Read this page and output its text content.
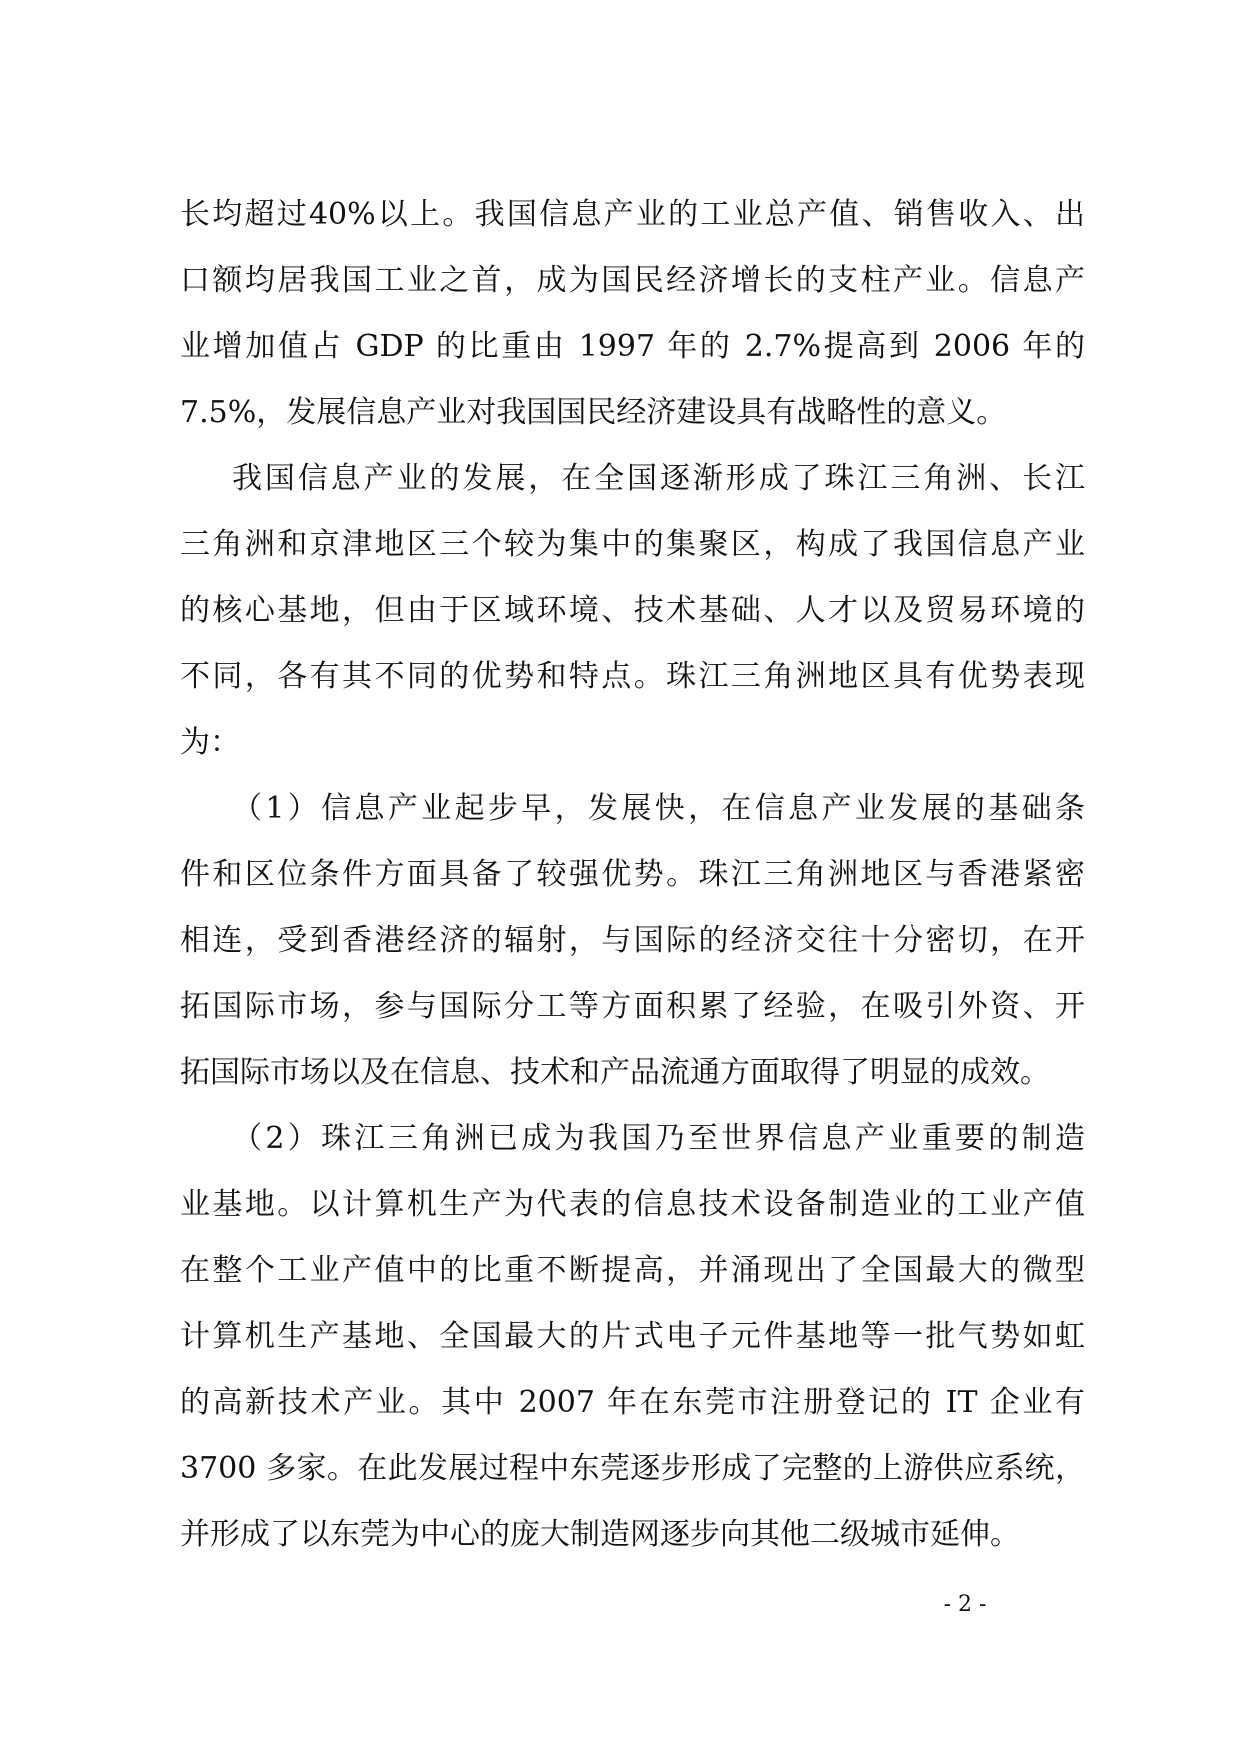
长均超过40%以上。我国信息产业的工业总产值、销售收入、出
口额均居我国工业之首，成为国民经济增长的支柱产业。信息产
业增加值占 GDP 的比重由 1997 年的 2.7%提高到 2006 年的
7.5%，发展信息产业对我国国民经济建设具有战略性的意义。
我国信息产业的发展，在全国逐渐形成了珠江三角洲、长江
三角洲和京津地区三个较为集中的集聚区，构成了我国信息产业
的核心基地，但由于区域环境、技术基础、人才以及贸易环境的
不同，各有其不同的优势和特点。珠江三角洲地区具有优势表现
为：
（1）信息产业起步早，发展快，在信息产业发展的基础条
件和区位条件方面具备了较强优势。珠江三角洲地区与香港紧密
相连，受到香港经济的辐射，与国际的经济交往十分密切，在开
拓国际市场，参与国际分工等方面积累了经验，在吸引外资、开
拓国际市场以及在信息、技术和产品流通方面取得了明显的成效。
（2）珠江三角洲已成为我国乃至世界信息产业重要的制造
业基地。以计算机生产为代表的信息技术设备制造业的工业产值
在整个工业产值中的比重不断提高，并涌现出了全国最大的微型
计算机生产基地、全国最大的片式电子元件基地等一批气势如虹
的高新技术产业。其中 2007 年在东莞市注册登记的 IT 企业有
3700 多家。在此发展过程中东莞逐步形成了完整的上游供应系统，
并形成了以东莞为中心的庞大制造网逐步向其他二级城市延伸。
- 2 -
